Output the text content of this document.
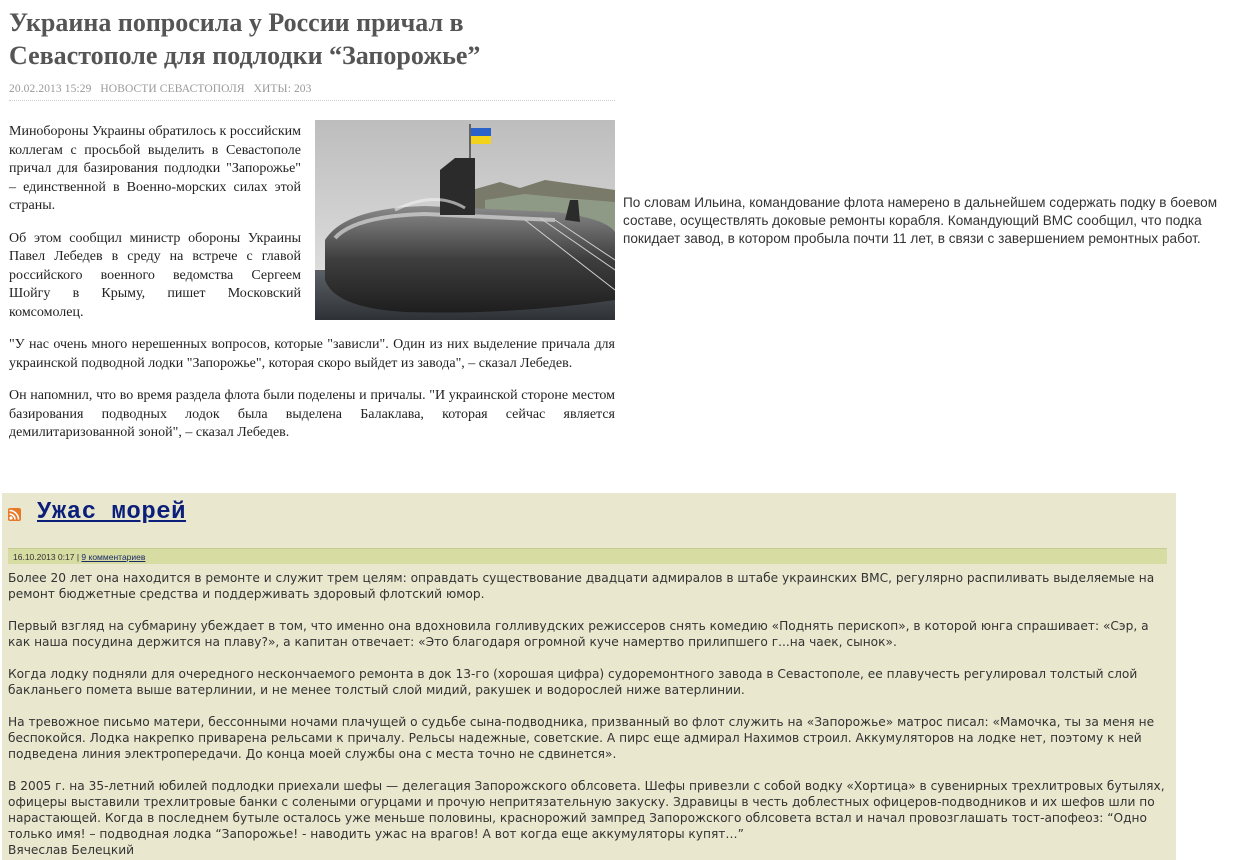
Украина попросила у России причал в Севастополе для подлодки “Запорожье”
20.02.2013 15:29 НОВОСТИ СЕВАСТОПОЛЯ ХИТЫ: 203

Минобороны Украины обратилось к российским коллегам с просьбой выделить в Севастополе причал для базирования подлодки "Запорожье" – единственной в Военно-морских силах этой страны.

Об этом сообщил министр обороны Украины Павел Лебедев в среду на встрече с главой российского военного ведомства Сергеем Шойгу в Крыму, пишет Московский комсомолец.

"У нас очень много нерешенных вопросов, которые "зависли". Один из них выделение причала для украинской подводной лодки "Запорожье", которая скоро выйдет из завода", – сказал Лебедев.

Он напомнил, что во время раздела флота были поделены и причалы. "И украинской стороне местом базирования подводных лодок была выделена Балаклава, которая сейчас является демилитаризованной зоной", – сказал Лебедев.

По словам Ильина, командование флота намерено в дальнейшем содержать подку в боевом составе, осуществлять доковые ремонты корабля. Командующий ВМС сообщил, что подка покидает завод, в котором пробыла почти 11 лет, в связи с завершением ремонтных работ.
Ужас морей
16.10.2013 0:17 | 9 комментариев

Более 20 лет она находится в ремонте и служит трем целям: оправдать существование двадцати адмиралов в штабе украинских ВМС, регулярно распиливать выделяемые на ремонт бюджетные средства и поддерживать здоровый флотский юмор.

Первый взгляд на субмарину убеждает в том, что именно она вдохновила голливудских режиссеров снять комедию «Поднять перископ», в которой юнга спрашивает: «Сэр, а как наша посудина держится на плаву?», а капитан отвечает: «Это благодаря огромной куче намертво прилипшего г...на чаек, сынок».

Когда лодку подняли для очередного нескончаемого ремонта в док 13-го (хорошая цифра) судоремонтного завода в Севастополе, ее плавучесть регулировал толстый слой бакланьего помета выше ватерлинии, и не менее толстый слой мидий, ракушек и водорослей ниже ватерлинии.

На тревожное письмо матери, бессонными ночами плачущей о судьбе сына-подводника, призванный во флот служить на «Запорожье» матрос писал: «Мамочка, ты за меня не беспокойся. Лодка накрепко приварена рельсами к причалу. Рельсы надежные, советские. А пирс еще адмирал Нахимов строил. Аккумуляторов на лодке нет, поэтому к ней подведена линия электропередачи. До конца моей службы она с места точно не сдвинется».

В 2005 г. на 35-летний юбилей подлодки приехали шефы — делегация Запорожского облсовета. Шефы привезли с собой водку «Хортица» в сувенирных трехлитровых бутылях, офицеры выставили трехлитровые банки с солеными огурцами и прочую непритязательную закуску. Здравицы в честь доблестных офицеров-подводников и их шефов шли по нарастающей. Когда в последнем бутыле осталось уже меньше половины, краснорожий зампред Запорожского облсовета встал и начал провозглашать тост-апофеоз: “Одно только имя! – подводная лодка “Запорожье! - наводить ужас на врагов! А вот когда еще аккумуляторы купят…”

Вячеслав Белецкий
